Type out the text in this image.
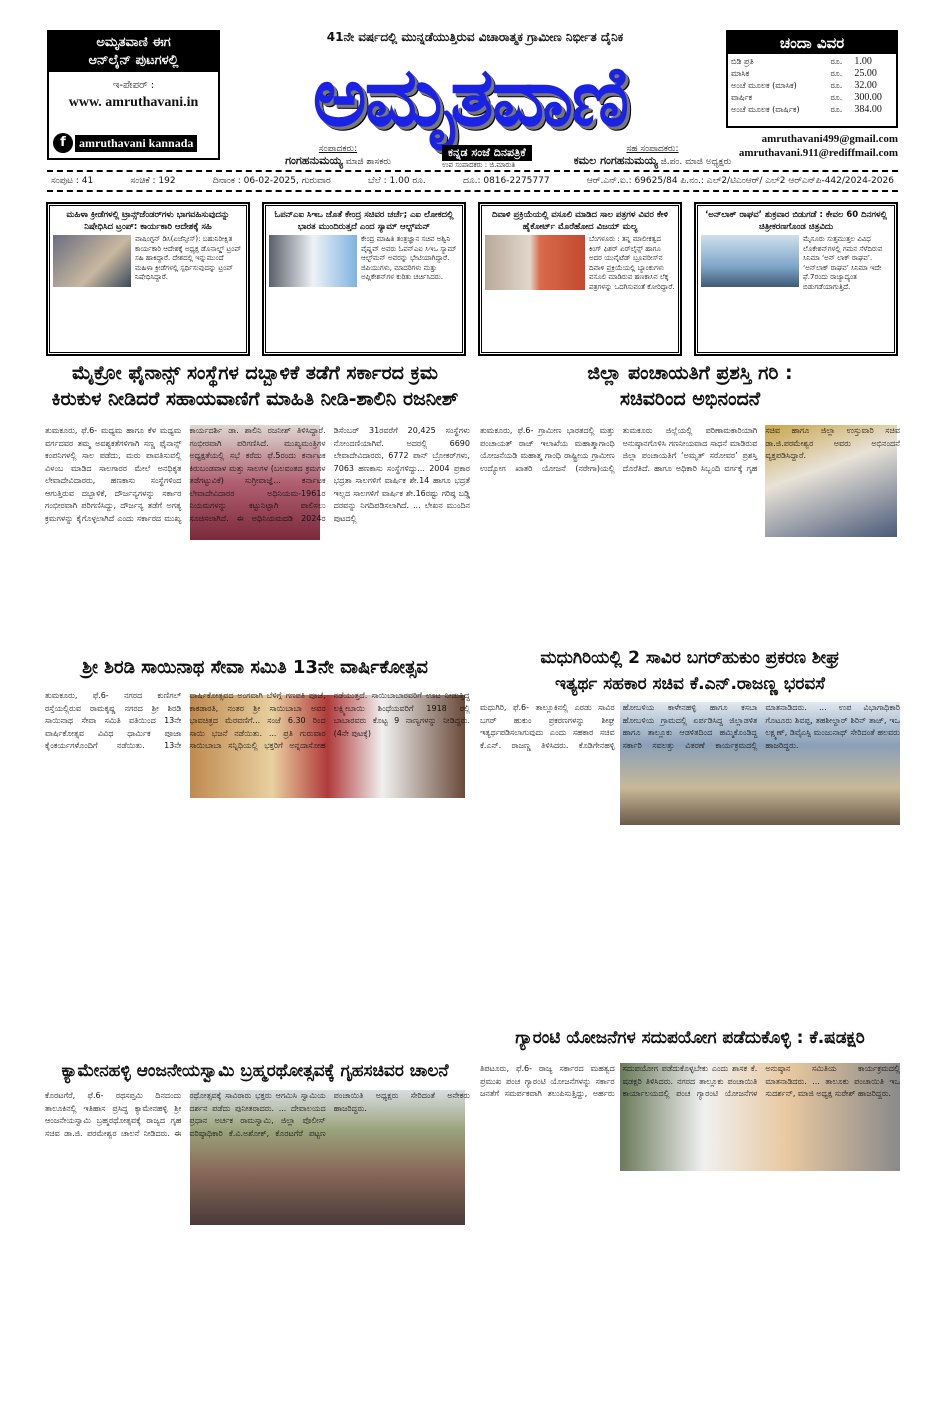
ಅಮೃತವಾಣಿ ಈಗ
ಆನ್‌ಲೈನ್ ಪುಟಗಳಲ್ಲಿ
ಇ-ಪೇಪರ್ :
www. amruthavani.in
f	amruthavani kannada
41ನೇ ವರ್ಷದಲ್ಲಿ ಮುನ್ನಡೆಯುತ್ತಿರುವ ವಿಚಾರಾತ್ಮಕ ಗ್ರಾಮೀಣ ನಿರ್ಭೀತ ದೈನಿಕ
ಅಮೃತವಾಣಿ
ಸಂಪಾದಕರು:
ಗಂಗಹನುಮಯ್ಯ ಮಾಜಿ ಶಾಸಕರು
ಕನ್ನಡ ಸಂಜೆ ದಿನಪತ್ರಿಕೆ
ಉಪ ಸಂಪಾದಕರು : ಜಿ.ಮಾರುತಿ
ಸಹ ಸಂಪಾದಕರು:
ಕಮಲ ಗಂಗಹನುಮಯ್ಯ ಜಿ.ಪಂ. ಮಾಜಿ ಅಧ್ಯಕ್ಷರು
ಚಂದಾ ವಿವರ
ಬಿಡಿ ಪ್ರತಿ	ರೂ.	1.00
ಮಾಸಿಕ	ರೂ.	25.00
ಅಂಚೆ ಮೂಲಕ (ಮಾಸಿಕ)	ರೂ.	32.00
ವಾರ್ಷಿಕ	ರೂ.	300.00
ಅಂಚೆ ಮೂಲಕ (ವಾರ್ಷಿಕ)	ರೂ.	384.00
amruthavani499@gmail.com
amruthavani.911@rediffmail.com
ಸಂಪುಟ : 41	ಸಂಚಿಕೆ : 192	ದಿನಾಂಕ : 06-02-2025, ಗುರುವಾರ	ಬೆಲೆ : 1.00 ರೂ.	ದೂ.: 0816-2275777	ಆರ್.ಎನ್.ಐ.: 69625/84 ಪಿ.ನಂ.: ಎಲ್2/ಟಿಎಂಆರ್/ ಎಲ್2 ಆರ್‌ಎನ್‌ಪಿ-442/2024-2026
ಮಹಿಳಾ ಕ್ರೀಡೆಗಳಲ್ಲಿ ಟ್ರಾನ್ಸ್‌ಜೆಂಡರ್‌ಗಳು ಭಾಗವಹಿಸುವುದನ್ನು ನಿಷೇಧಿಸಿದ ಟ್ರಂಪ್: ಕಾರ್ಯಕಾರಿ ಆದೇಶಕ್ಕೆ ಸಹಿ
ವಾಷಿಂಗ್ಟನ್ ಡಿಸಿ(ಏಜೆನ್ಸೀಸ್): ಬಹುನಿರೀಕ್ಷಿತ ಕಾರ್ಯಕಾರಿ ಆದೇಶಕ್ಕೆ ಅಧ್ಯಕ್ಷ ಡೊನಾಲ್ಡ್ ಟ್ರಂಪ್ ಸಹಿ ಹಾಕಿದ್ದಾರೆ. ದೇಶದಲ್ಲಿ ಇನ್ನುಮುಂದೆ ಮಹಿಳಾ ಕ್ರೀಡೆಗಳಲ್ಲಿ ಸ್ಪರ್ಧಿಸುವುದನ್ನು ಟ್ರಂಪ್ ನಿಷೇಧಿಸಿದ್ದಾರೆ.
ಓಪನ್‌ಎಐ ಸಿಇಒ ಜೊತೆ ಕೇಂದ್ರ ಸಚಿವರ ಚರ್ಚೆ; ಎಐ ಲೋಕದಲ್ಲಿ ಭಾರತ ಮುಂದಿರುತ್ತದೆ ಎಂದ ಸ್ಯಾಮ್ ಆಲ್ಟ್‌ಮನ್
ಕೇಂದ್ರ ಮಾಹಿತಿ ತಂತ್ರಜ್ಞಾನ ಸಚಿವ ಅಶ್ವಿನಿ ವೈಷ್ಣವ್ ಅವರು ಓಪನ್‌ಎಐ ಸಿಇಒ ಸ್ಯಾಮ್ ಆಲ್ಟ್‌ಮನ್ ಅವರನ್ನು ಭೇಟಿಯಾಗಿದ್ದಾರೆ. ಜಿಪಿಯುಗಳು, ಮಾದರಿಗಳು ಮತ್ತು ಅಪ್ಲಿಕೇಶನ್‌ಗಳ ಕುರಿತು ಚರ್ಚಿಸಿದರು.
ದಿವಾಳಿ ಪ್ರಕ್ರಿಯೆಯಲ್ಲಿ ವಸೂಲಿ ಮಾಡಿದ ಸಾಲ ಪತ್ರಗಳ ವಿವರ ಕೇಳಿ ಹೈಕೋರ್ಟ್ ಮೊರೆಹೋದ ವಿಜಯ್ ಮಲ್ಯ
ಬೆಂಗಳೂರು : ತನ್ನ ಮಾಲೀಕತ್ವದ ಕಿಂಗ್ ಫಿಶರ್ ಏರ್‌ಲೈನ್ಸ್ ಹಾಗೂ ಅದರ ಯುನೈಟೆಡ್ ಬ್ರೂವರೀಸ್‌ನ ದಿವಾಳಿ ಪ್ರಕ್ರಿಯೆಯಲ್ಲಿ ಬ್ಯಾಂಕುಗಳು ವಸೂಲಿ ಮಾಡಿರುವ ಹಣಕಾಸಿನ ಲೆಕ್ಕ ಪತ್ರಗಳನ್ನು ಒದಗಿಸುವಂತೆ ಕೋರಿದ್ದಾರೆ.
‘ಅನ್‌ಲಾಕ್ ರಾಘವ’ ಶುಕ್ರವಾರ ಬಿಡುಗಡೆ : ಕೇವಲ 60 ದಿನಗಳಲ್ಲಿ ಚಿತ್ರೀಕರಣಗೊಂಡ ಚಿತ್ರವಿದು
ಮೈಸೂರು ಸುತ್ತಮುತ್ತಲ ವಿವಿಧ ಲೊಕೇಶನ್‌ಗಳಲ್ಲಿ ಗಮನ ಸೆಳೆದಿರುವ ಸಿನಿಮಾ ‘ಅನ್ ಲಾಕ್ ರಾಘವ’. ‘ಅನ್‌ಲಾಕ್ ರಾಘವ’ ಸಿನಿಮಾ ಇದೇ ಫೆ.7ರಂದು ರಾಜ್ಯಾದ್ಯಂತ ಬಿಡುಗಡೆಯಾಗುತ್ತಿದೆ.
ಮೈಕ್ರೋ ಫೈನಾನ್ಸ್ ಸಂಸ್ಥೆಗಳ ದಬ್ಬಾಳಿಕೆ ತಡೆಗೆ ಸರ್ಕಾರದ ಕ್ರಮ
ಕಿರುಕುಳ ನೀಡಿದರೆ ಸಹಾಯವಾಣಿಗೆ ಮಾಹಿತಿ ನೀಡಿ-ಶಾಲಿನಿ ರಜನೀಶ್
ತುಮಕೂರು, ಫೆ.6- ಮಧ್ಯಮ ಹಾಗೂ ಕೆಳ ಮಧ್ಯಮ ವರ್ಗದವರ ತಮ್ಮ ಅವಶ್ಯಕತೆಗಳಿಗಾಗಿ ಸಣ್ಣ ಫೈನಾನ್ಸ್ ಕಂಪನಿಗಳಲ್ಲಿ ಸಾಲ ಪಡೆದು, ಮರು ಪಾವತಿಸುವಲ್ಲಿ ವಿಳಂಬ ಮಾಡಿದ ಸಾಲಗಾರರ ಮೇಲೆ ಅನಧಿಕೃತ ಲೇವಾದೇವಿದಾರರು, ಹಣಕಾಸು ಸಂಸ್ಥೆಗಳಿಂದ ಆಗುತ್ತಿರುವ ದಬ್ಬಾಳಿಕೆ, ದೌರ್ಜನ್ಯಗಳನ್ನು ಸರ್ಕಾರ ಗಂಭೀರವಾಗಿ ಪರಿಗಣಿಸಿದ್ದು, ದೌರ್ಜನ್ಯ ತಡೆಗೆ ಅಗತ್ಯ ಕ್ರಮಗಳನ್ನು ಕೈಗೊಳ್ಳಲಾಗಿದೆ ಎಂದು ಸರ್ಕಾರದ ಮುಖ್ಯ ಕಾರ್ಯದರ್ಶಿ ಡಾ. ಶಾಲಿನಿ ರಜನೀಶ್ ತಿಳಿಸಿದ್ದಾರೆ. ಗಂಭೀರವಾಗಿ ಪರಿಗಣಿಸಿದೆ. ಮುಖ್ಯಮಂತ್ರಿಗಳ ಅಧ್ಯಕ್ಷತೆಯಲ್ಲಿ ಸಭೆ ಕರೆದು ಫೆ.5ರಂದು ಕರ್ನಾಟಕ ಕಿರುಬಂಡವಾಳ ಮತ್ತು ಸಾಲಗಳ (ಬಲವಂತದ ಕ್ರಮಗಳ ತಡೆಗಟ್ಟುವಿಕೆ) ಸುಗ್ರೀವಾಜ್ಞೆ... ಕರ್ನಾಟಕ ಲೇವಾದೇವಿದಾರರ ಅಧಿನಿಯಮ-1961ರ ನಿಯಮಗಳನ್ನು ಕಟ್ಟುನಿಟ್ಟಾಗಿ ಪಾಲಿಸಲು ಸೂಚಿಸಲಾಗಿದೆ. ಈ ಅಧಿನಿಯಮದಡಿ 2024ರ ಡಿಸೆಂಬರ್ 31ರವರೆಗೆ 20,425 ಸಂಸ್ಥೆಗಳು ನೋಂದಣಿಯಾಗಿವೆ. ಅದರಲ್ಲಿ 6690 ಲೇವಾದೇವಿದಾರರು, 6772 ಪಾನ್ ಬ್ರೋಕರ್‌ಗಳು, 7063 ಹಣಕಾಸು ಸಂಸ್ಥೆಗಳಿದ್ದು... 2004 ಪ್ರಕಾರ ಭದ್ರತಾ ಸಾಲಗಳಿಗೆ ವಾರ್ಷಿಕ ಶೇ.14 ಹಾಗೂ ಭದ್ರತೆ ಇಲ್ಲದ ಸಾಲಗಳಿಗೆ ವಾರ್ಷಿಕ ಶೇ.16ರಷ್ಟು ಗರಿಷ್ಠ ಬಡ್ಡಿ ದರವನ್ನು ನಿಗದಿಪಡಿಸಲಾಗಿದೆ. ... ಲೇಖನ ಮುಂದಿನ ಪುಟದಲ್ಲಿ
ಜಿಲ್ಲಾ ಪಂಚಾಯತಿಗೆ ಪ್ರಶಸ್ತಿ ಗರಿ :
ಸಚಿವರಿಂದ ಅಭಿನಂದನೆ
ತುಮಕೂರು, ಫೆ.6- ಗ್ರಾಮೀಣ ಭಾರತದಲ್ಲಿ ಮತ್ತು ಪಂಚಾಯತ್ ರಾಜ್ ಇಲಾಖೆಯ ಮಹಾತ್ಮಾಗಾಂಧಿ ಯೋಜನೆಯಡಿ ಮಹಾತ್ಮ ಗಾಂಧಿ ರಾಷ್ಟ್ರೀಯ ಗ್ರಾಮೀಣ ಉದ್ಯೋಗ ಖಾತರಿ ಯೋಜನೆ (ನರೇಗಾ)ಯಲ್ಲಿ ತುಮಕೂರು ಜಿಲ್ಲೆಯಲ್ಲಿ ಪರಿಣಾಮಕಾರಿಯಾಗಿ ಅನುಷ್ಠಾನಗೊಳಿಸಿ ಗಣನೀಯವಾದ ಸಾಧನೆ ಮಾಡಿರುವ ಜಿಲ್ಲಾ ಪಂಚಾಯತಿಗೆ ‘ಅಮೃತ್ ಸರೋವರ’ ಪ್ರಶಸ್ತಿ ದೊರೆತಿದೆ. ಹಾಗೂ ಅಧಿಕಾರಿ ಸಿಬ್ಬಂದಿ ವರ್ಗಕ್ಕೆ ಗೃಹ ಸಚಿವ ಹಾಗೂ ಜಿಲ್ಲಾ ಉಸ್ತುವಾರಿ ಸಚಿವ ಡಾ.ಜಿ.ಪರಮೇಶ್ವರ ಅವರು ಅಭಿನಂದನೆ ವ್ಯಕ್ತಪಡಿಸಿದ್ದಾರೆ.
ಶ್ರೀ ಶಿರಡಿ ಸಾಯಿನಾಥ ಸೇವಾ ಸಮಿತಿ 13ನೇ ವಾರ್ಷಿಕೋತ್ಸವ
ತುಮಕೂರು, ಫೆ.6- ನಗರದ ಕುಣಿಗಲ್ ರಸ್ತೆಯಲ್ಲಿರುವ ರಾಮಕೃಷ್ಣ ನಗರದ ಶ್ರೀ ಶಿರಡಿ ಸಾಯಿನಾಥ ಸೇವಾ ಸಮಿತಿ ವತಿಯಿಂದ 13ನೇ ವಾರ್ಷಿಕೋತ್ಸವ ವಿವಿಧ ಧಾರ್ಮಿಕ ಪೂಜಾ ಕೈಂಕರ್ಯಗಳೊಂದಿಗೆ ನಡೆಯಿತು. 13ನೇ ವಾರ್ಷಿಕೋತ್ಸವದ ಅಂಗವಾಗಿ ಬೆಳಿಗ್ಗೆ ಗಣಪತಿ ಪೂಜೆ, ಕಾಕಡಾರತಿ, ನಂತರ ಶ್ರೀ ಸಾಯಿಬಾಬಾ ಅವರ ಭಾವಚಿತ್ರದ ಮೆರವಣಿಗೆ... ಸಂಜೆ 6.30 ರಿಂದ ಸಾಯಿ ಭಜನೆ ನಡೆಯಿತು. ... ಪ್ರತಿ ಗುರುವಾರ ಸಾಯಿಬಾಬಾ ಸನ್ನಿಧಿಯಲ್ಲಿ ಭಕ್ತರಿಗೆ ಅನ್ನದಾಸೋಹ ನಡೆಯುತ್ತದೆ. ಸಾಯಿಬಾಬಾರವರಿಗೆ ಊಟ ನೀಡುತ್ತಿದ್ದ ಲಕ್ಷ್ಮೀಬಾಯಿ ಶಿಂಧೆಯವರಿಗೆ 1918 ರಲ್ಲಿ ಬಾಬಾರವರು ಕೊಟ್ಟ 9 ನಾಣ್ಯಗಳನ್ನು ನೀಡಿದ್ದರು. (4ನೇ ಪುಟಕ್ಕೆ)
ಮಧುಗಿರಿಯಲ್ಲಿ 2 ಸಾವಿರ ಬಗರ್‌ಹುಕುಂ ಪ್ರಕರಣ ಶೀಘ್ರ
ಇತ್ಯರ್ಥ ಸಹಕಾರ ಸಚಿವ ಕೆ.ಎನ್.ರಾಜಣ್ಣ ಭರವಸೆ
ಮಧುಗಿರಿ, ಫೆ.6- ತಾಲ್ಲೂಕಿನಲ್ಲಿ ಎರಡು ಸಾವಿರ ಬಗರ್ ಹುಕುಂ ಪ್ರಕರಣಗಳನ್ನು ಶೀಘ್ರ ಇತ್ಯರ್ಥಪಡಿಸಲಾಗುವುದು ಎಂದು ಸಹಕಾರ ಸಚಿವ ಕೆ.ಎನ್. ರಾಜಣ್ಣ ತಿಳಿಸಿದರು. ಕೊಡಿಗೇನಹಳ್ಳಿ ಹೋಬಳಿಯ ಕಾಳೇನಹಳ್ಳಿ ಹಾಗೂ ಕಸಬಾ ಹೋಬಳಿಯ ಗ್ರಾಮದಲ್ಲಿ ಏರ್ಪಡಿಸಿದ್ದ ಜಿಲ್ಲಾಡಳಿತ ಹಾಗೂ ತಾಲ್ಲೂಕು ಆಡಳಿತದಿಂದ ಹಮ್ಮಿಕೊಂಡಿದ್ದ ಸರ್ಕಾರಿ ಸವಲತ್ತು ವಿತರಣೆ ಕಾರ್ಯಕ್ರಮದಲ್ಲಿ ಮಾತನಾಡಿದರು. ... ಉಪ ವಿಭಾಗಾಧಿಕಾರಿ ಗೊಟೂರು ಶಿವಪ್ಪ, ತಹಶೀಲ್ದಾರ್ ಶಿರಿನ್ ತಾಜ್, ಇಒ ಲಕ್ಷ್ಮಣ್, ಡಿವೈಎಸ್ಪಿ ಮಂಜುನಾಥ್ ಸೇರಿದಂತೆ ಹಲವರು ಹಾಜರಿದ್ದರು.
ಕ್ಯಾಮೇನಹಳ್ಳಿ ಆಂಜನೇಯಸ್ವಾಮಿ ಬ್ರಹ್ಮರಥೋತ್ಸವಕ್ಕೆ ಗೃಹಸಚಿವರ ಚಾಲನೆ
ಕೊರಟಗೆರೆ, ಫೆ.6- ರಥಸಪ್ತಮಿ ದಿನದಂದು ತಾಲೂಕಿನಲ್ಲಿ ಇತಿಹಾಸ ಪ್ರಸಿದ್ಧ ಕ್ಯಾಮೇನಹಳ್ಳಿ ಶ್ರೀ ಆಂಜನೇಯಸ್ವಾಮಿ ಬ್ರಹ್ಮರಥೋತ್ಸವಕ್ಕೆ ರಾಜ್ಯದ ಗೃಹ ಸಚಿವ ಡಾ.ಜಿ. ಪರಮೇಶ್ವರ ಚಾಲನೆ ನೀಡಿದರು. ಈ ರಥೋತ್ಸವಕ್ಕೆ ಸಾವಿರಾರು ಭಕ್ತರು ಆಗಮಿಸಿ ಸ್ವಾಮಿಯ ದರ್ಶನ ಪಡೆದು ಪುನೀತರಾದರು. ... ದೇವಾಲಯದ ಪ್ರಧಾನ ಅರ್ಚಕ ರಾಮಸ್ವಾಮಿ, ಜಿಲ್ಲಾ ಪೊಲೀಸ್ ವರಿಷ್ಠಾಧಿಕಾರಿ ಕೆ.ವಿ.ಅಶೋಕ್, ಕೊರಟಗೆರೆ ಪಟ್ಟಣ ಪಂಚಾಯಿತಿ ಅಧ್ಯಕ್ಷರು ಸೇರಿದಂತೆ ಅನೇಕರು ಹಾಜರಿದ್ದರು.
ಗ್ಯಾರಂಟಿ ಯೋಜನೆಗಳ ಸದುಪಯೋಗ ಪಡೆದುಕೊಳ್ಳಿ : ಕೆ.ಷಡಕ್ಷರಿ
ತಿಪಟೂರು, ಫೆ.6- ರಾಜ್ಯ ಸರ್ಕಾರದ ಮಹತ್ವದ ಪ್ರಮುಖ ಪಂಚ ಗ್ಯಾರಂಟಿ ಯೋಜನೆಗಳನ್ನು ಸರ್ಕಾರ ಜನತೆಗೆ ಸಮರ್ಪಕವಾಗಿ ತಲುಪಿಸುತ್ತಿದ್ದು, ಅರ್ಹರು ಸದುಪಯೋಗ ಪಡೆದುಕೊಳ್ಳಬೇಕು ಎಂದು ಶಾಸಕ ಕೆ. ಷಡಕ್ಷರಿ ತಿಳಿಸಿದರು. ನಗರದ ತಾಲ್ಲೂಕು ಪಂಚಾಯಿತಿ ಕಾರ್ಯಾಲಯದಲ್ಲಿ ಪಂಚ ಗ್ಯಾರಂಟಿ ಯೋಜನೆಗಳ ಅನುಷ್ಠಾನ ಸಮಿತಿಯ ಕಾರ್ಯಕ್ರಮದಲ್ಲಿ ಮಾತನಾಡಿದರು. ... ತಾಲೂಕು ಪಂಚಾಯಿತಿ ಇಒ ಸುದರ್ಶನ್, ಮಾಜಿ ಅಧ್ಯಕ್ಷ ಸುರೇಶ್ ಹಾಜರಿದ್ದರು.
